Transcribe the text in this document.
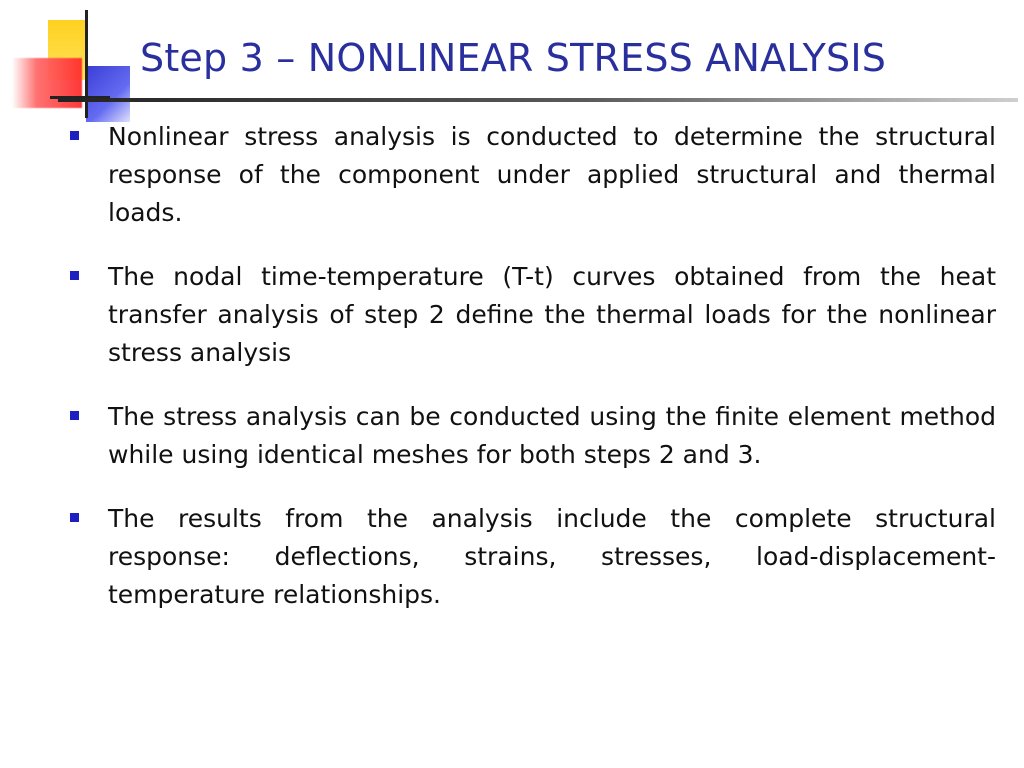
Step 3 – NONLINEAR STRESS ANALYSIS
Nonlinear stress analysis is conducted to determine the structural response of the component under applied structural and thermal loads.
The nodal time-temperature (T-t) curves obtained from the heat transfer analysis of step 2 define the thermal loads for the nonlinear stress analysis
The stress analysis can be conducted using the finite element method while using identical meshes for both steps 2 and 3.
The results from the analysis include the complete structural response: deflections, strains, stresses, load-displacement-temperature relationships.
